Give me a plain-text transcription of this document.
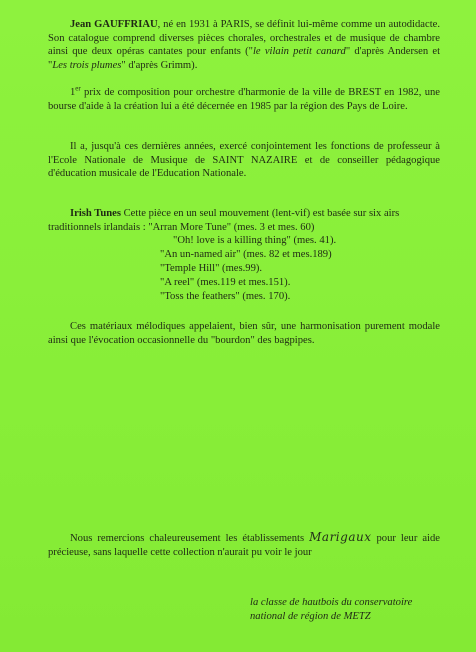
Jean GAUFFRIAU, né en 1931 à PARIS, se définit lui-même comme un autodidacte. Son catalogue comprend diverses pièces chorales, orchestrales et de musique de chambre ainsi que deux opéras cantates pour enfants ("le vilain petit canard" d'après Andersen et "Les trois plumes" d'après Grimm).

1er prix de composition pour orchestre d'harmonie de la ville de BREST en 1982, une bourse d'aide à la création lui a été décernée en 1985 par la région des Pays de Loire.

Il a, jusqu'à ces dernières années, exercé conjointement les fonctions de professeur à l'Ecole Nationale de Musique de SAINT NAZAIRE et de conseiller pédagogique d'éducation musicale de l'Education Nationale.

Irish Tunes Cette pièce en un seul mouvement (lent-vif) est basée sur six airs traditionnels irlandais : "Arran More Tune" (mes. 3 et mes. 60)

"Oh! love is a killing thing" (mes. 41).
"An un-named air" (mes. 82 et mes.189)
"Temple Hill" (mes.99).
"A reel" (mes.119 et mes.151).
"Toss the feathers" (mes. 170).

Ces matériaux mélodiques appelaient, bien sûr, une harmonisation purement modale ainsi que l'évocation occasionnelle du "bourdon" des bagpipes.

Nous remercions chaleureusement les établissements Marigaux pour leur aide précieuse, sans laquelle cette collection n'aurait pu voir le jour

la classe de hautbois du conservatoire
national de région de METZ
